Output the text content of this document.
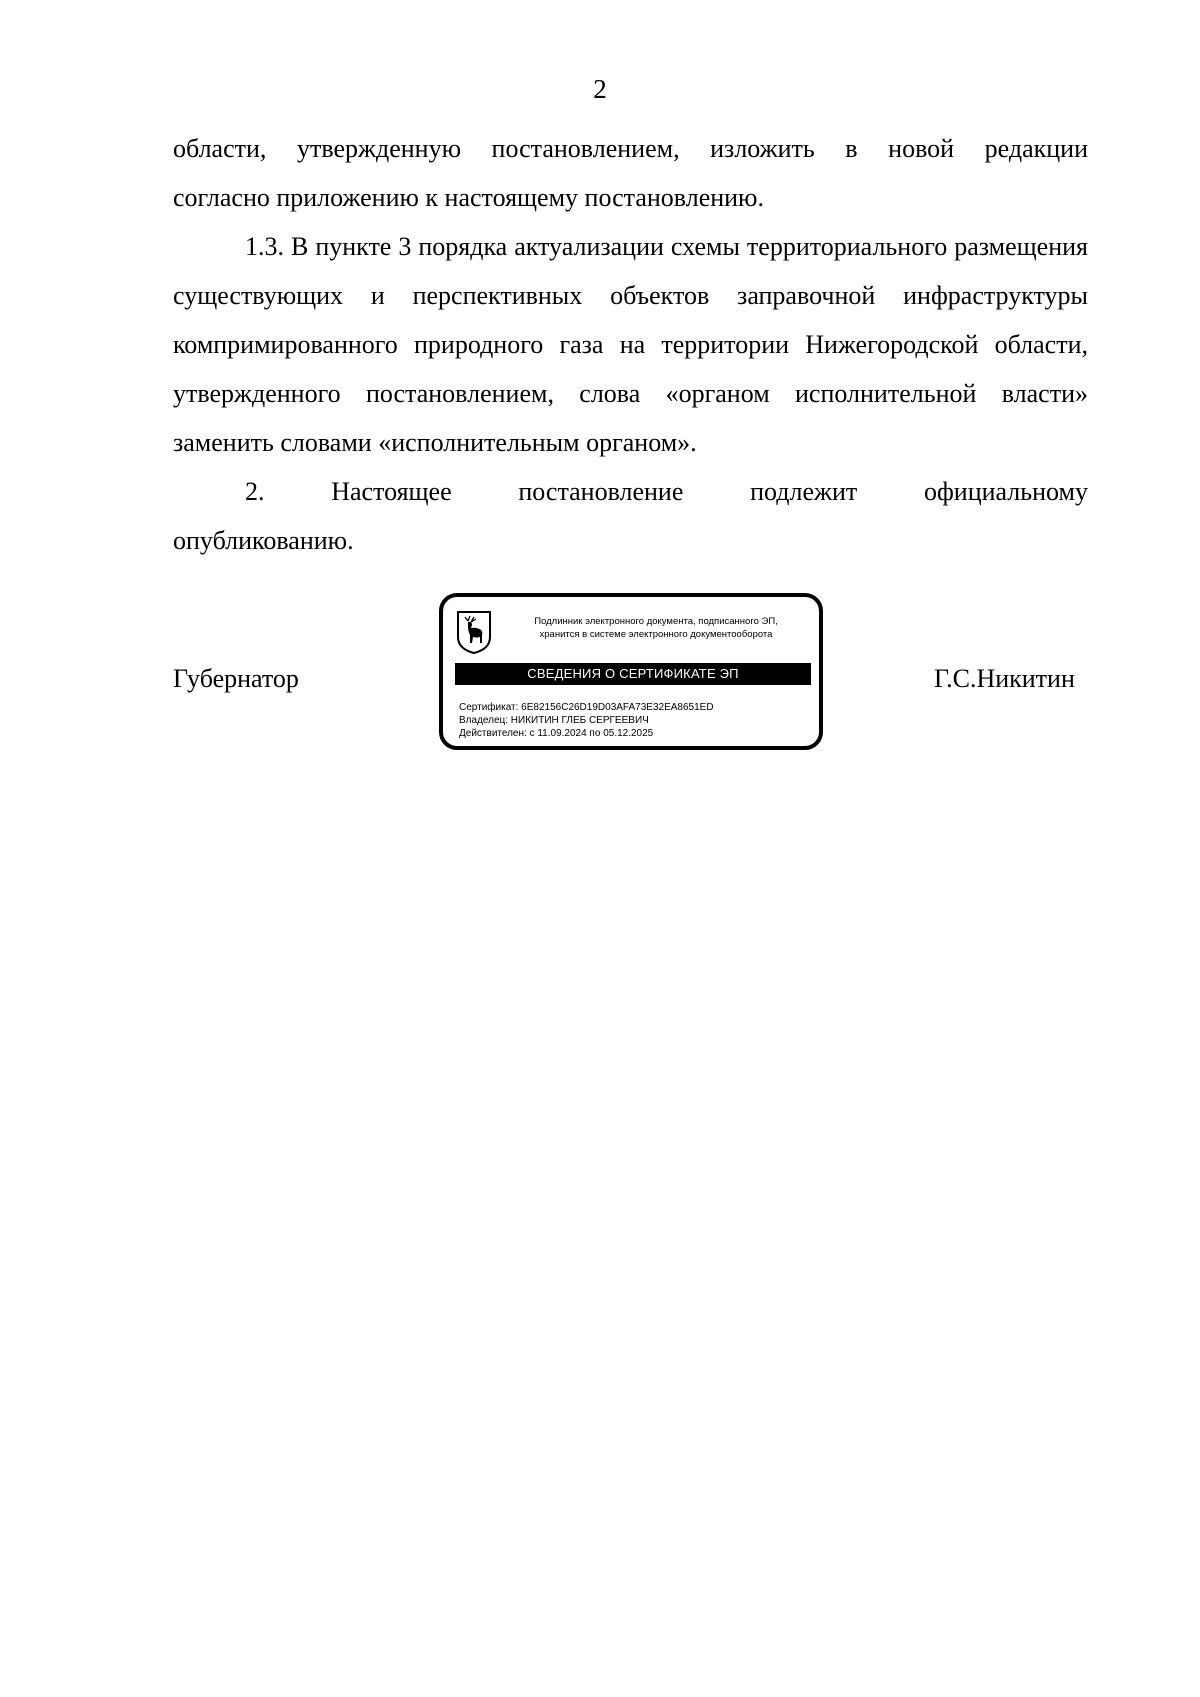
2

области, утвержденную постановлением, изложить в новой редакции

согласно приложению к настоящему постановлению.

1.3. В пункте 3 порядка актуализации схемы территориального размещения существующих и перспективных объектов заправочной инфраструктуры компримированного природного газа на территории Нижегородской области, утвержденного постановлением, слова «органом исполнительной власти» заменить словами «исполнительным органом».

2. Настоящее постановление подлежит официальному

опубликованию.

Губернатор
Подлинник электронного документа, подписанного ЭП,
хранится в системе электронного документооборота
СВЕДЕНИЯ О СЕРТИФИКАТЕ ЭП
Сертификат: 6E82156C26D19D03AFA73E32EA8651ED
Владелец: НИКИТИН ГЛЕБ СЕРГЕЕВИЧ
Действителен: с 11.09.2024 по 05.12.2025
Г.С.Никитин
